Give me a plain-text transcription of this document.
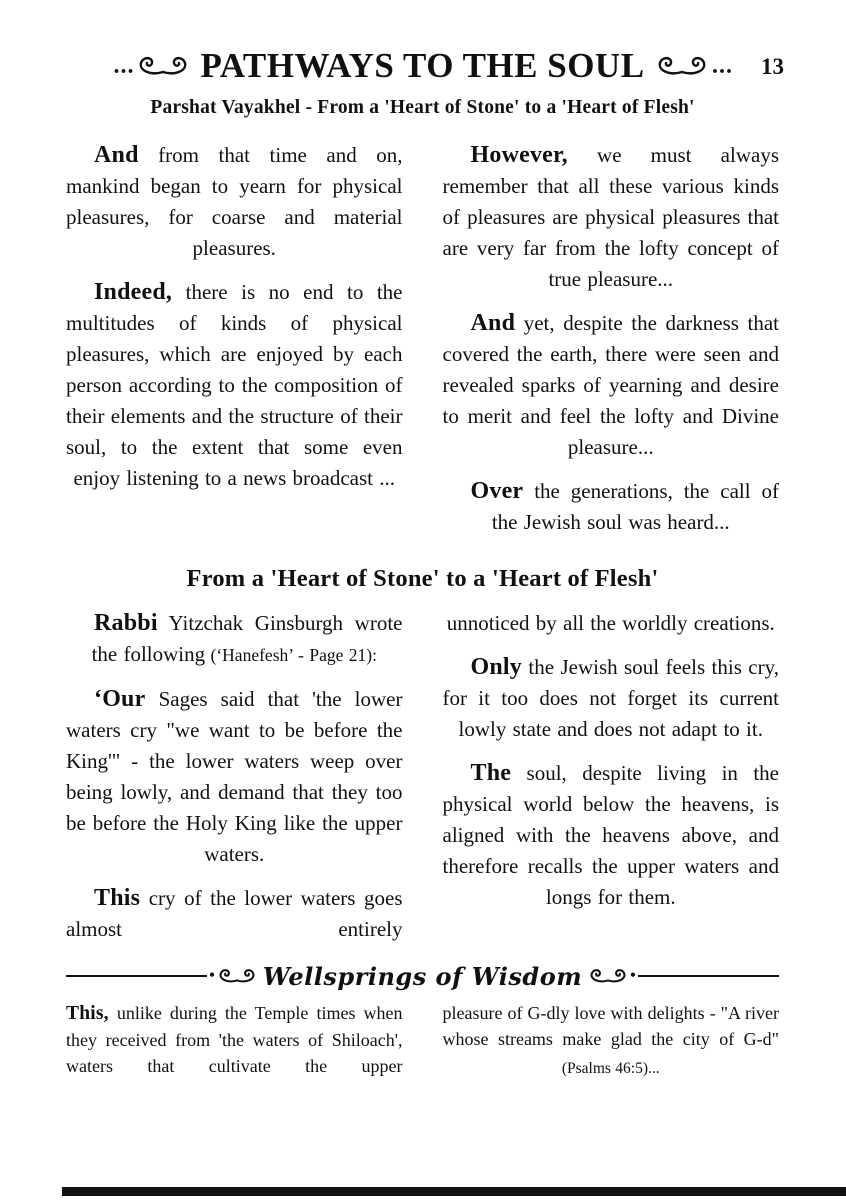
... PATHWAYS TO THE SOUL	... 13
Parshat Vayakhel - From a 'Heart of Stone' to a 'Heart of Flesh'

And from that time and on, mankind began to yearn for physical pleasures, for coarse and material pleasures.

Indeed, there is no end to the multitudes of kinds of physical pleasures, which are enjoyed by each person according to the composition of their elements and the structure of their soul, to the extent that some even enjoy listening to a news broadcast ...

However, we must always remember that all these various kinds of pleasures are physical pleasures that are very far from the lofty concept of true pleasure...

And yet, despite the darkness that covered the earth, there were seen and revealed sparks of yearning and desire to merit and feel the lofty and Divine pleasure...

Over the generations, the call of the Jewish soul was heard...

From a 'Heart of Stone' to a 'Heart of Flesh'

Rabbi Yitzchak Ginsburgh wrote the following (‘Hanefesh’ - Page 21):

‘Our Sages said that 'the lower waters cry "we want to be before the King'" - the lower waters weep over being lowly, and demand that they too be before the Holy King like the upper waters.

This cry of the lower waters goes almost entirely

unnoticed by all the worldly creations.

Only the Jewish soul feels this cry, for it too does not forget its current lowly state and does not adapt to it.

The soul, despite living in the physical world below the heavens, is aligned with the heavens above, and therefore recalls the upper waters and longs for them.

• Wellsprings of Wisdom	•

This, unlike during the Temple times when they received from 'the waters of Shiloach', waters that cultivate the upper

pleasure of G-dly love with delights - "A river whose streams make glad the city of G-d" (Psalms 46:5)...
